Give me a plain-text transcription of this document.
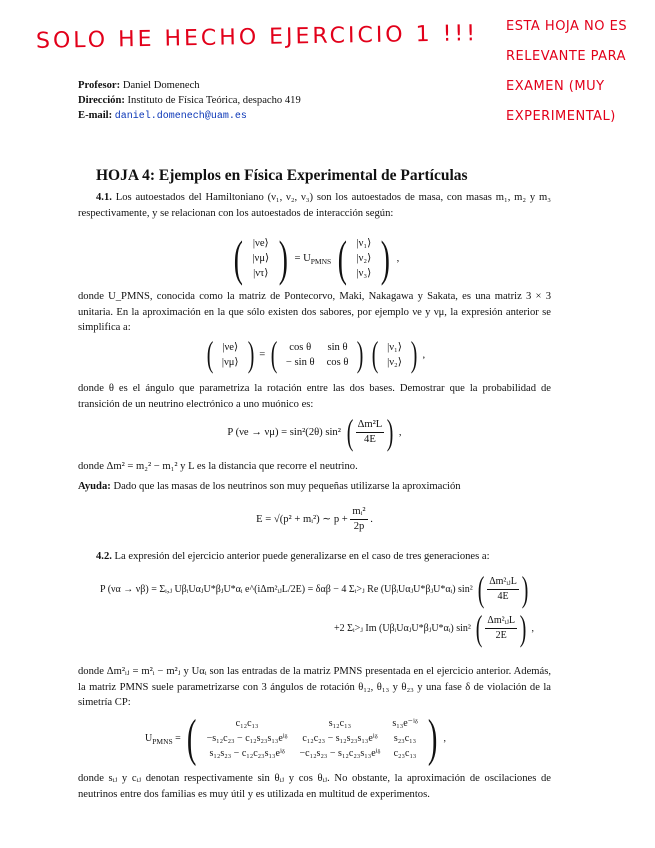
SOLO HE HECHO EJERCICIO 1 !!! ESTA HOJA NO ES
RELEVANTE PARA
EXAMEN (MUY
EXPERIMENTAL)
Profesor: Daniel Domenech
Dirección: Instituto de Física Teórica, despacho 419
E-mail: daniel.domenech@uam.es
HOJA 4: Ejemplos en Física Experimental de Partículas
4.1. Los autoestados del Hamiltoniano (ν₁, ν₂, ν₃) son los autoestados de masa, con masas m₁, m₂ y m₃ respectivamente, y se relacionan con los autoestados de interacción según:
( |νe⟩
|νμ⟩
|ντ⟩ ) = $U_{PMNS}$ ( |ν₁⟩
|ν₂⟩
|ν₃⟩ ) ,
donde U_PMNS, conocida como la matriz de Pontecorvo, Maki, Nakagawa y Sakata, es una matriz 3 × 3 unitaria. En la aproximación en la que sólo existen dos sabores, por ejemplo νe y νμ, la expresión anterior se simplifica a:
( |νe⟩
|νμ⟩ ) = ( cos θ	sin θ
− sin θ	cos θ ) ( |ν₁⟩
|ν₂⟩ ) ,
donde θ es el ángulo que parametriza la rotación entre las dos bases. Demostrar que la probabilidad de transición de un neutrino electrónico a uno muónico es:
P (νe → νμ) = sin²(2θ) sin² ( $\frac{\text{Δm²L}}{4E}$ ) ,
donde Δm² = m₂² − m₁² y L es la distancia que recorre el neutrino.
Ayuda: Dado que las masas de los neutrinos son muy pequeñas utilizarse la aproximación
E = √(p² + mᵢ²) ∼ $p + \frac{\text{mᵢ²}}{2p}$ .
4.2. La expresión del ejercicio anterior puede generalizarse en el caso de tres generaciones a:
P (να → νβ) = Σᵢ,ⱼ UβᵢUαⱼU*βⱼU*αᵢ e^(iΔm²ᵢⱼL/2E) = δαβ − 4 Σᵢ>ⱼ Re (UβᵢUαⱼU*βⱼU*αᵢ) sin² ( $\frac{\text{Δm²ᵢⱼL}}{4E}$ )
+2 Σᵢ>ⱼ Im (UβᵢUαⱼU*βⱼU*αᵢ) sin² ( $\frac{\text{Δm²ᵢⱼL}}{2E}$ ) ,
donde Δm²ᵢⱼ = m²ᵢ − m²ⱼ y Uαᵢ son las entradas de la matriz PMNS presentada en el ejercicio anterior. Además, la matriz PMNS suele parametrizarse con 3 ángulos de rotación θ₁₂, θ₁₃ y θ₂₃ y una fase δ de violación de la simetría CP:
$U_{PMNS}$ = (	c₁₂c₁₃	s₁₂c₁₃	s₁₃e⁻ⁱᵟ
−s₁₂c₂₃ − c₁₂s₂₃s₁₃eⁱᵟ	c₁₂c₂₃ − s₁₂s₂₃s₁₃eⁱᵟ	s₂₃c₁₃
s₁₂s₂₃ − c₁₂c₂₃s₁₃eⁱᵟ	−c₁₂s₂₃ − s₁₂c₂₃s₁₃eⁱᵟ	c₂₃c₁₃ ) ,
donde sᵢⱼ y cᵢⱼ denotan respectivamente sin θᵢⱼ y cos θᵢⱼ. No obstante, la aproximación de oscilaciones de neutrinos entre dos familias es muy útil y es utilizada en multitud de experimentos.
